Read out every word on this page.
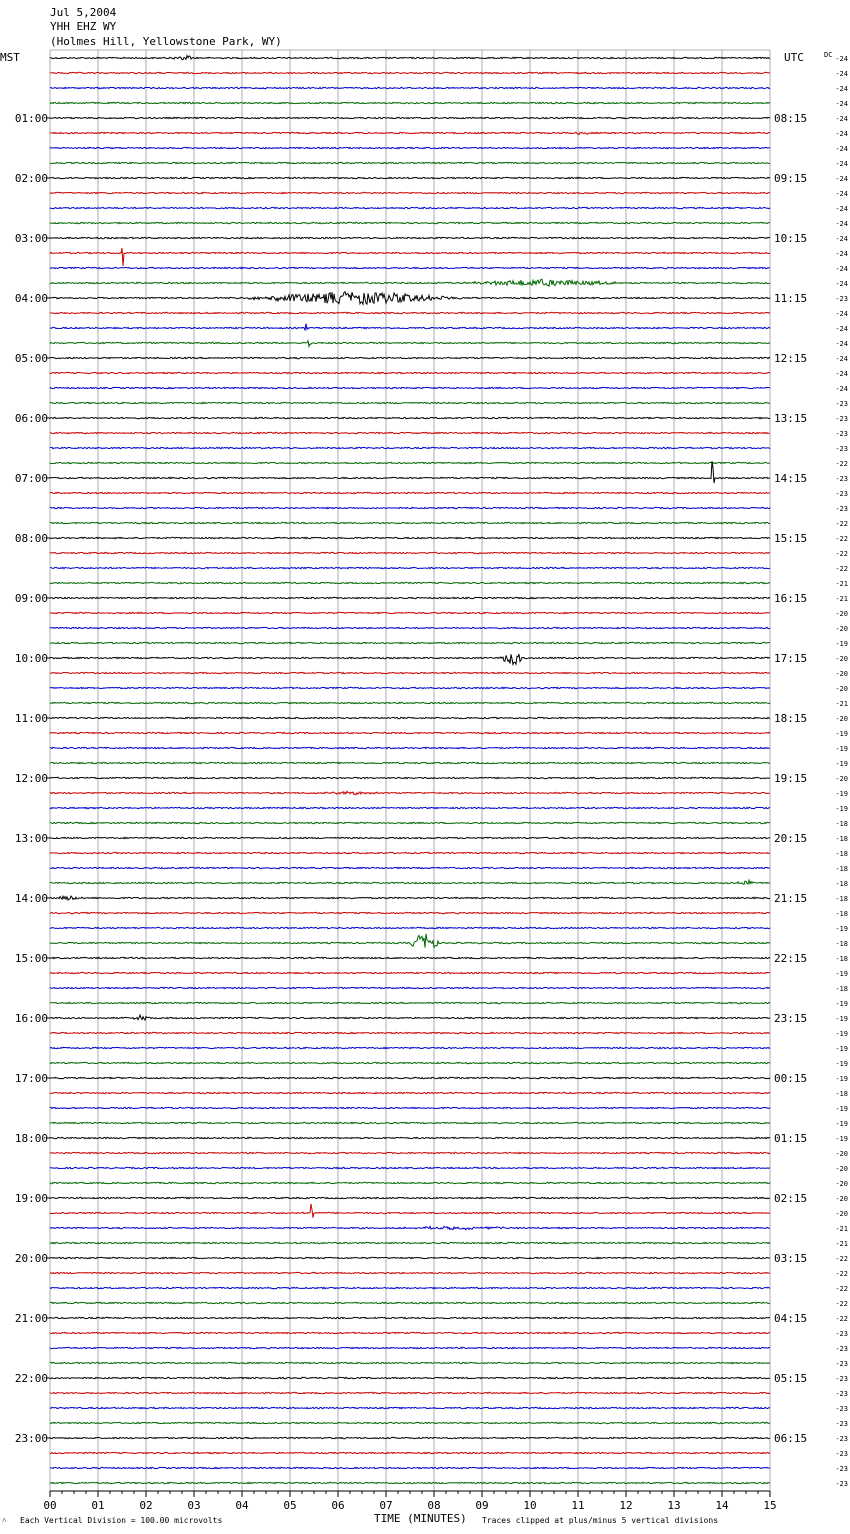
Jul 5,2004
YHH EHZ WY
(Holmes Hill, Yellowstone Park, WY)
MST	UTC	DC
01:00
02:00
03:00
04:00
05:00
06:00
07:00
08:00
09:00
10:00
11:00
12:00
13:00
14:00
15:00
16:00
17:00
18:00
19:00
20:00
21:00
22:00
23:00
08:15
09:15
10:15
11:15
12:15
13:15
14:15
15:15
16:15
17:15
18:15
19:15
20:15
21:15
22:15
23:15
00:15
01:15
02:15
03:15
04:15
05:15
06:15
-24
-24
-24
-24
-24
-24
-24
-24
-24
-24
-24
-24
-24
-24
-24
-24
-23
-24
-24
-24
-24
-24
-24
-23
-23
-23
-23
-22
-23
-23
-23
-22
-22
-22
-22
-21
-21
-20
-20
-19
-20
-20
-20
-21
-20
-19
-19
-19
-20
-19
-19
-18
-18
-18
-18
-18
-18
-18
-19
-18
-18
-19
-18
-19
-19
-19
-19
-19
-19
-18
-19
-19
-19
-20
-20
-20
-20
-20
-21
-21
-22
-22
-22
-22
-22
-23
-23
-23
-23
-23
-23
-23
-23
-23
-23
-23
00	01	02	03	04	05	06	07	08	09	10	11	12	13	14	15
˄ Each Vertical Division = 100.00 microvolts	TIME (MINUTES) Traces clipped at plus/minus 5 vertical divisions
